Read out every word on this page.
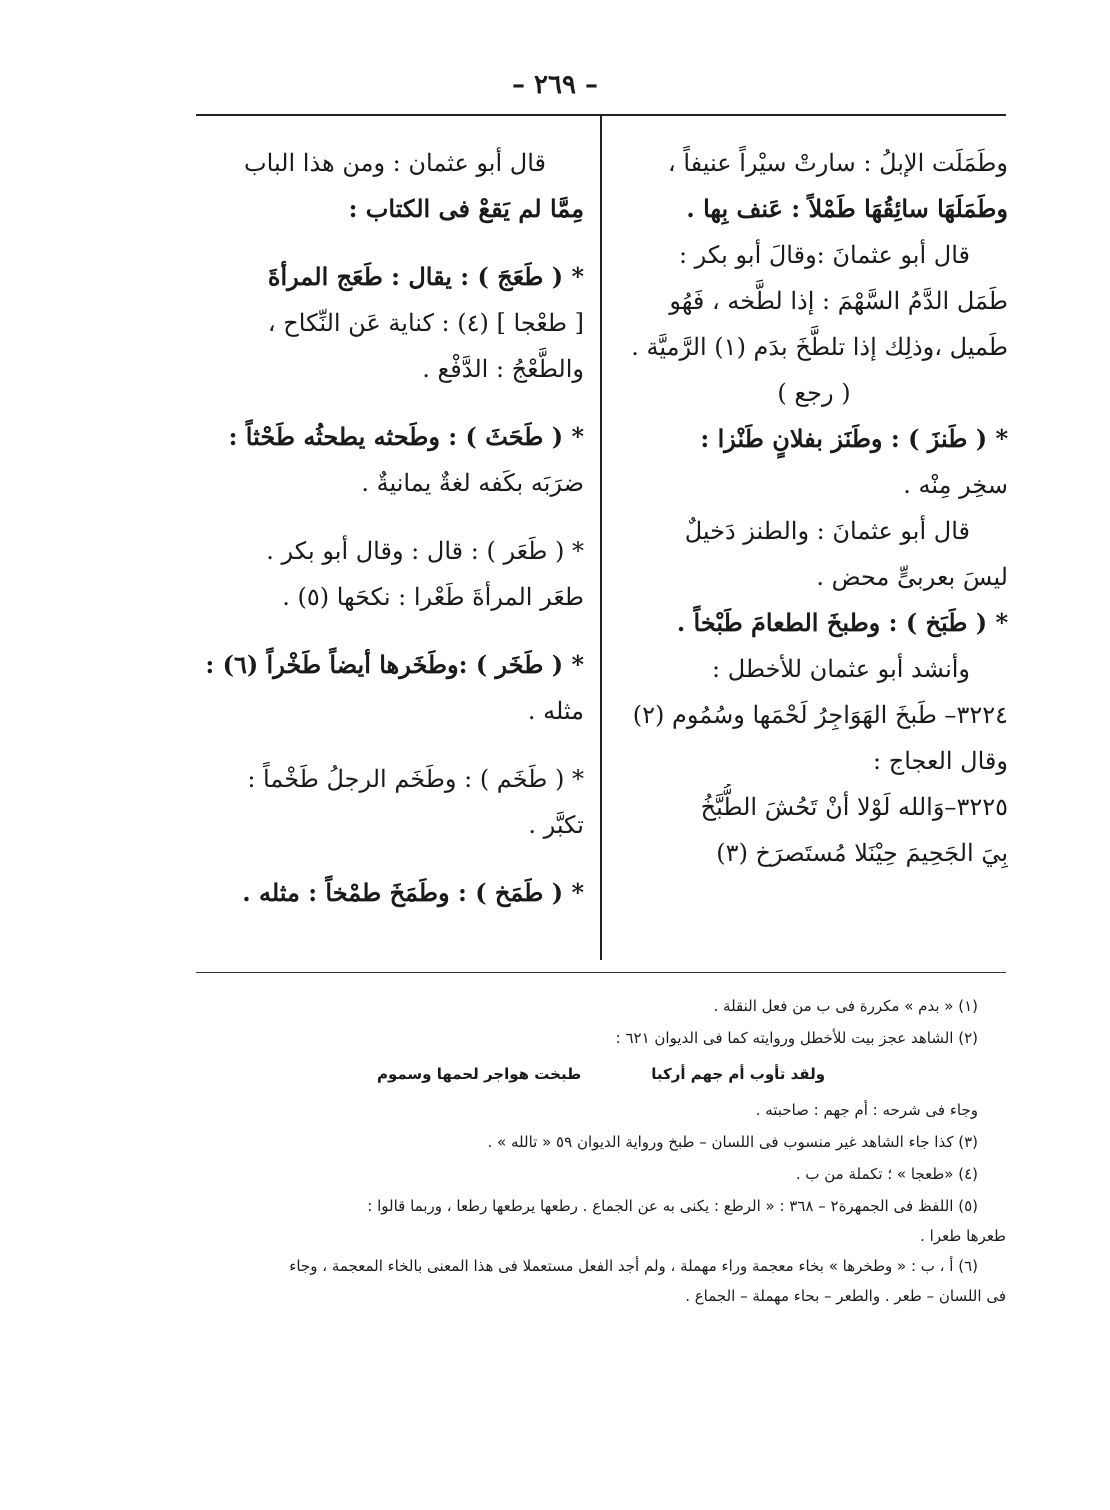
– ٢٦٩ –
وطَمَلَت الإبلُ : سارتْ سيْراً عنيفاً ،
وطَمَلَهَا سائِقُهَا طَمْلاً : عَنف بِها .
قال أبو عثمانَ :وقالَ أبو بكر :
طَمَل الدَّمُ السَّهْمَ : إذا لطَّخه ، فَهُو
طَميل ،وذلِك إذا تلطَّخَ بدَم (١) الرَّميَّة .
( رجع )
* ( طَنزَ ) : وطَنَز بفلانٍ طَنْزا :
سخِر مِنْه .
قال أبو عثمانَ : والطنز دَخيلٌ
ليسَ بعربىٍّ محض .
* ( طَبَخ ) : وطبخَ الطعامَ طَبْخاً .
وأنشد أبو عثمان للأخطل :
٣٢٢٤– طَبخَ الهَوَاجِرُ لَحْمَها وسُمُوم (٢)
وقال العجاج :
٣٢٢٥–وَالله لَوْلا أنْ تَحُشَ الطُّبَّخُ
بِيَ الجَحِيمَ حِيْنَلا مُستَصرَخ (٣)
قال أبو عثمان : ومن هذا الباب
مِمَّا لم يَقعْ فى الكتاب :
* ( طَعَجَ ) : يقال : طَعَج المرأةَ
[ طعْجا ] (٤) : كناية عَن النِّكاح ،
والطَّعْجُ : الدَّفْع .
* ( طَحَثَ ) : وطَحثه يطحثُه طَحْثاً :
ضرَبَه بكَفه لغةٌ يمانيةٌ .
* ( طَعَر ) : قال : وقال أبو بكر .
طعَر المرأةَ طَعْرا : نكحَها (٥) .
* ( طَخَر ) :وطَخَرها أيضاً طَخْراً (٦) :
مثله .
* ( طَخَم ) : وطَخَم الرجلُ طَخْماً :
تكبَّر .
* ( طَمَخ ) : وطَمَخَ طمْخاً : مثله .
(١) « بدم » مكررة فى ب من فعل النقلة .
(٢) الشاهد عجز بيت للأخطل وروايته كما فى الديوان ٦٢١ :
ولقد تأوب أم جهم أركبا
طبخت هواجر لحمها وسموم
وجاء فى شرحه : أم جهم : صاحبته .
(٣) كذا جاء الشاهد غير منسوب فى اللسان – طبخ ورواية الديوان ٥٩ « تالله » .
(٤) «طعجا » ؛ تكملة من ب .
(٥) اللفظ فى الجمهرة٢ – ٣٦٨ : « الرطع : يكنى به عن الجماع . رطعها يرطعها رطعا ، وربما قالوا :
طعرها طعرا .
(٦) أ ، ب : « وطخرها » بخاء معجمة وراء مهملة ، ولم أجد الفعل مستعملا فى هذا المعنى بالخاء المعجمة ، وجاء
فى اللسان – طعر . والطعر – بحاء مهملة – الجماع .
